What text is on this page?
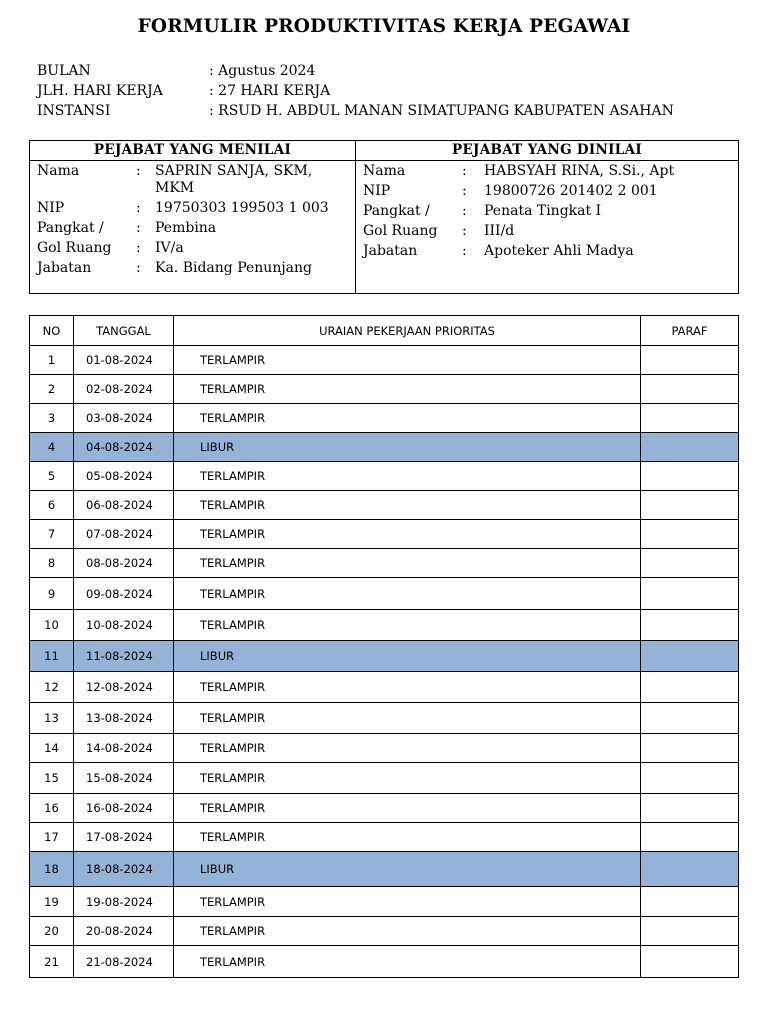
FORMULIR PRODUKTIVITAS KERJA PEGAWAI
BULAN	: Agustus 2024
JLH. HARI KERJA	: 27 HARI KERJA
INSTANSI	: RSUD H. ABDUL MANAN SIMATUPANG KABUPATEN ASAHAN
PEJABAT YANG MENILAI
Nama	:	SAPRIN SANJA, SKM, MKM
NIP	:	19750303 199503 1 003
Pangkat /	:	Pembina
Gol Ruang	:	IV/a
Jabatan	:	Ka. Bidang Penunjang
PEJABAT YANG DINILAI
Nama	:	HABSYAH RINA, S.Si., Apt
NIP	:	19800726 201402 2 001
Pangkat /	:	Penata Tingkat I
Gol Ruang	:	III/d
Jabatan	:	Apoteker Ahli Madya
NO	TANGGAL	URAIAN PEKERJAAN PRIORITAS	PARAF
1	01-08-2024	TERLAMPIR	
2	02-08-2024	TERLAMPIR	
3	03-08-2024	TERLAMPIR	
4	04-08-2024	LIBUR	
5	05-08-2024	TERLAMPIR	
6	06-08-2024	TERLAMPIR	
7	07-08-2024	TERLAMPIR	
8	08-08-2024	TERLAMPIR	
9	09-08-2024	TERLAMPIR	
10	10-08-2024	TERLAMPIR	
11	11-08-2024	LIBUR	
12	12-08-2024	TERLAMPIR	
13	13-08-2024	TERLAMPIR	
14	14-08-2024	TERLAMPIR	
15	15-08-2024	TERLAMPIR	
16	16-08-2024	TERLAMPIR	
17	17-08-2024	TERLAMPIR	
18	18-08-2024	LIBUR	
19	19-08-2024	TERLAMPIR	
20	20-08-2024	TERLAMPIR	
21	21-08-2024	TERLAMPIR	
